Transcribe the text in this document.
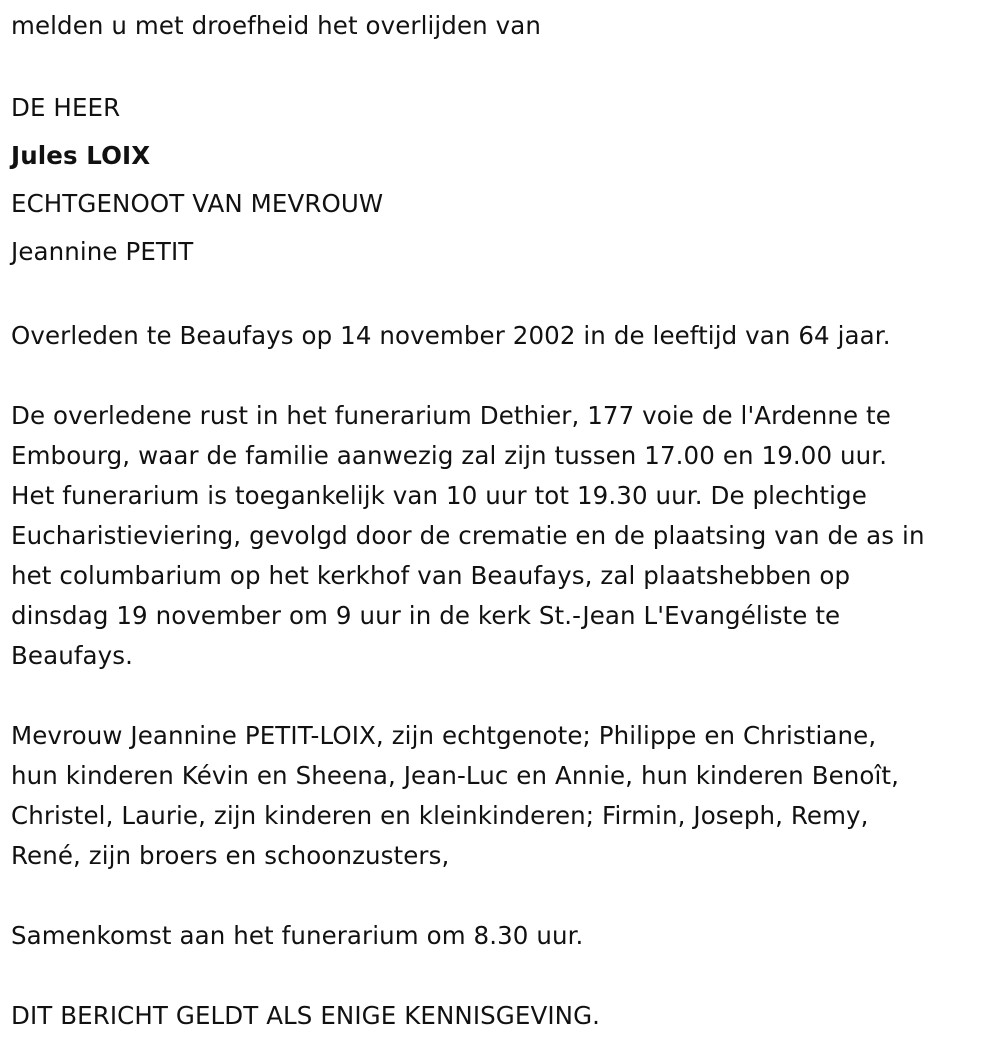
melden u met droefheid het overlijden van

DE HEER

Jules LOIX

ECHTGENOOT VAN MEVROUW

Jeannine PETIT

Overleden te Beaufays op 14 november 2002 in de leeftijd van 64 jaar.

De overledene rust in het funerarium Dethier, 177 voie de l'Ardenne te

Embourg, waar de familie aanwezig zal zijn tussen 17.00 en 19.00 uur.

Het funerarium is toegankelijk van 10 uur tot 19.30 uur. De plechtige

Eucharistieviering, gevolgd door de crematie en de plaatsing van de as in

het columbarium op het kerkhof van Beaufays, zal plaatshebben op

dinsdag 19 november om 9 uur in de kerk St.-Jean L'Evangéliste te

Beaufays.

Mevrouw Jeannine PETIT-LOIX, zijn echtgenote; Philippe en Christiane,

hun kinderen Kévin en Sheena, Jean-Luc en Annie, hun kinderen Benoît,

Christel, Laurie, zijn kinderen en kleinkinderen; Firmin, Joseph, Remy,

René, zijn broers en schoonzusters,

Samenkomst aan het funerarium om 8.30 uur.

DIT BERICHT GELDT ALS ENIGE KENNISGEVING.
